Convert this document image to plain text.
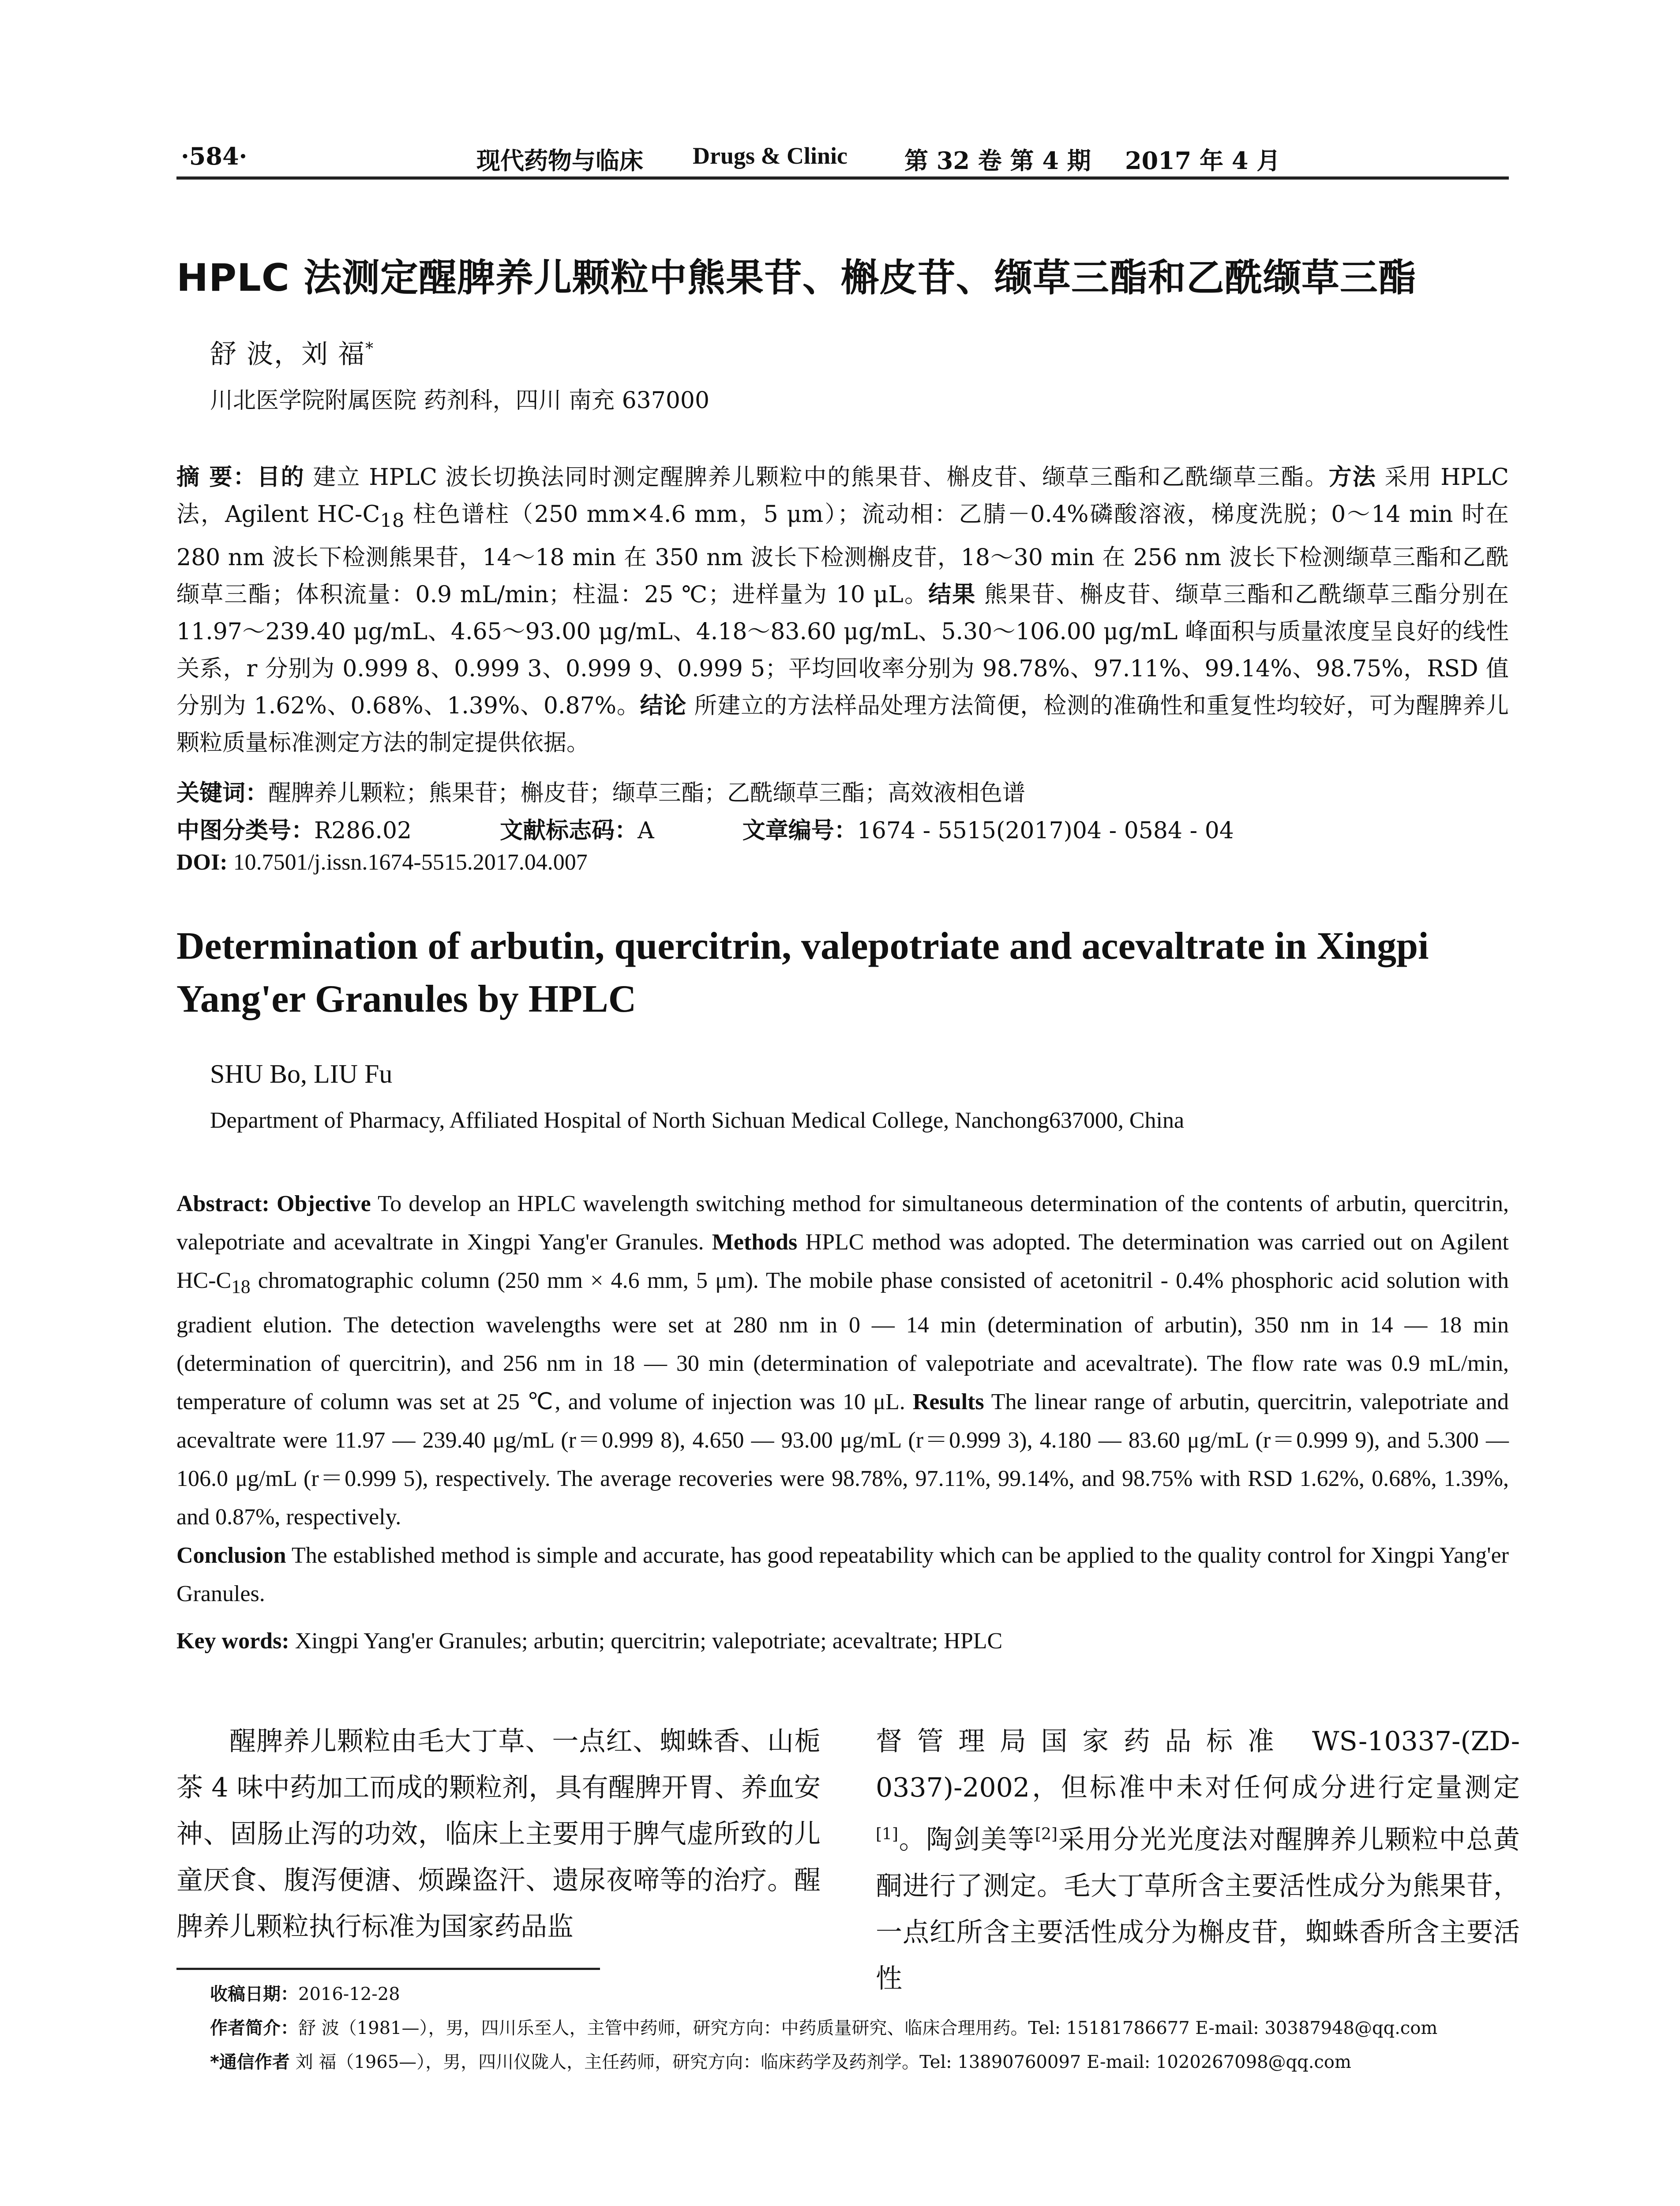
·584·	现代药物与临床 Drugs & Clinic 第 32 卷 第 4 期 2017 年 4 月
HPLC 法测定醒脾养儿颗粒中熊果苷、槲皮苷、缬草三酯和乙酰缬草三酯
舒 波，刘 福*
川北医学院附属医院 药剂科，四川 南充 637000
摘 要：目的 建立 HPLC 波长切换法同时测定醒脾养儿颗粒中的熊果苷、槲皮苷、缬草三酯和乙酰缬草三酯。方法 采用 HPLC 法，Agilent $HC-C_{18}$ 柱色谱柱（250 mm×4.6 mm，5 μm）；流动相：乙腈－0.4%磷酸溶液，梯度洗脱；0～14 min 时在 280 nm 波长下检测熊果苷，14～18 min 在 350 nm 波长下检测槲皮苷，18～30 min 在 256 nm 波长下检测缬草三酯和乙酰缬草三酯；体积流量：0.9 mL/min；柱温：25 ℃；进样量为 10 μL。结果 熊果苷、槲皮苷、缬草三酯和乙酰缬草三酯分别在 11.97～239.40 μg/mL、4.65～93.00 μg/mL、4.18～83.60 μg/mL、5.30～106.00 μg/mL 峰面积与质量浓度呈良好的线性关系，r 分别为 0.999 8、0.999 3、0.999 9、0.999 5；平均回收率分别为 98.78%、97.11%、99.14%、98.75%，RSD 值分别为 1.62%、0.68%、1.39%、0.87%。结论 所建立的方法样品处理方法简便，检测的准确性和重复性均较好，可为醒脾养儿颗粒质量标准测定方法的制定提供依据。
关键词：醒脾养儿颗粒；熊果苷；槲皮苷；缬草三酯；乙酰缬草三酯；高效液相色谱
中图分类号：R286.02	文献标志码：A	文章编号：1674 - 5515(2017)04 - 0584 - 04
DOI: 10.7501/j.issn.1674-5515.2017.04.007
Determination of arbutin, quercitrin, valepotriate and acevaltrate in Xingpi Yang'er Granules by HPLC
SHU Bo, LIU Fu
Department of Pharmacy, Affiliated Hospital of North Sichuan Medical College, Nanchong637000, China
Abstract: Objective To develop an HPLC wavelength switching method for simultaneous determination of the contents of arbutin, quercitrin, valepotriate and acevaltrate in Xingpi Yang'er Granules. Methods HPLC method was adopted. The determination was carried out on Agilent $HC-C_{18}$ chromatographic column (250 mm × 4.6 mm, 5 μm). The mobile phase consisted of acetonitril - 0.4% phosphoric acid solution with gradient elution. The detection wavelengths were set at 280 nm in 0 — 14 min (determination of arbutin), 350 nm in 14 — 18 min (determination of quercitrin), and 256 nm in 18 — 30 min (determination of valepotriate and acevaltrate). The flow rate was 0.9 mL/min, temperature of column was set at 25 ℃, and volume of injection was 10 μL. Results The linear range of arbutin, quercitrin, valepotriate and acevaltrate were 11.97 — 239.40 μg/mL (r＝0.999 8), 4.650 — 93.00 μg/mL (r＝0.999 3), 4.180 — 83.60 μg/mL (r＝0.999 9), and 5.300 — 106.0 μg/mL (r＝0.999 5), respectively. The average recoveries were 98.78%, 97.11%, 99.14%, and 98.75% with RSD 1.62%, 0.68%, 1.39%, and 0.87%, respectively.
Conclusion The established method is simple and accurate, has good repeatability which can be applied to the quality control for Xingpi Yang'er Granules.
Key words: Xingpi Yang'er Granules; arbutin; quercitrin; valepotriate; acevaltrate; HPLC
醒脾养儿颗粒由毛大丁草、一点红、蜘蛛香、山栀茶 4 味中药加工而成的颗粒剂，具有醒脾开胃、养血安神、固肠止泻的功效，临床上主要用于脾气虚所致的儿童厌食、腹泻便溏、烦躁盗汗、遗尿夜啼等的治疗。醒脾养儿颗粒执行标准为国家药品监
督管理局国家药品标准 WS-10337-(ZD-0337)-2002，但标准中未对任何成分进行定量测定[1]。陶剑美等[2]采用分光光度法对醒脾养儿颗粒中总黄酮进行了测定。毛大丁草所含主要活性成分为熊果苷，一点红所含主要活性成分为槲皮苷，蜘蛛香所含主要活性
收稿日期：2016-12-28
作者简介：舒 波（1981—），男，四川乐至人，主管中药师，研究方向：中药质量研究、临床合理用药。Tel: 15181786677 E-mail: 30387948@qq.com
*通信作者 刘 福（1965—），男，四川仪陇人，主任药师，研究方向：临床药学及药剂学。Tel: 13890760097 E-mail: 1020267098@qq.com
